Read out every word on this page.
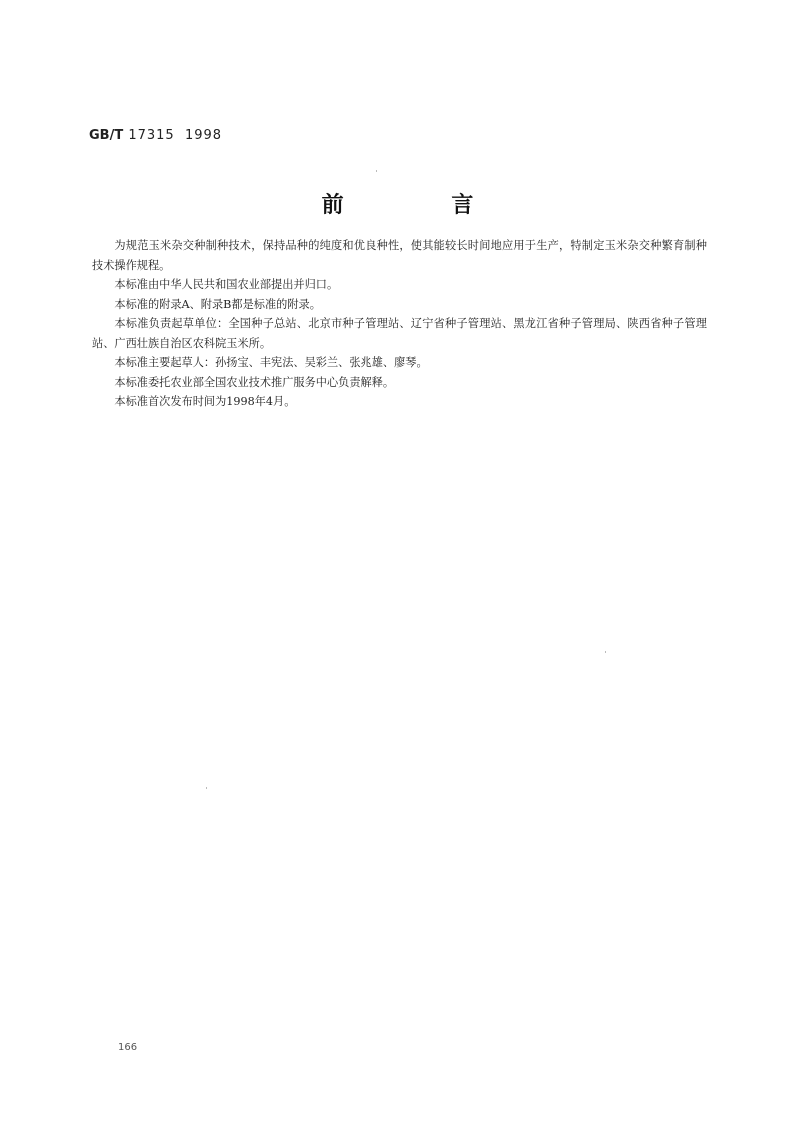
GB/T 17315 1998
前 言

为规范玉米杂交种制种技术，保持品种的纯度和优良种性，使其能较长时间地应用于生产，特制定玉米杂交种繁育制种技术操作规程。

本标准由中华人民共和国农业部提出并归口。

本标准的附录A、附录B都是标准的附录。

本标准负责起草单位：全国种子总站、北京市种子管理站、辽宁省种子管理站、黑龙江省种子管理局、陕西省种子管理站、广西壮族自治区农科院玉米所。

本标准主要起草人：孙扬宝、丰宪法、吴彩兰、张兆雄、廖琴。

本标准委托农业部全国农业技术推广服务中心负责解释。

本标准首次发布时间为1998年4月。

166
